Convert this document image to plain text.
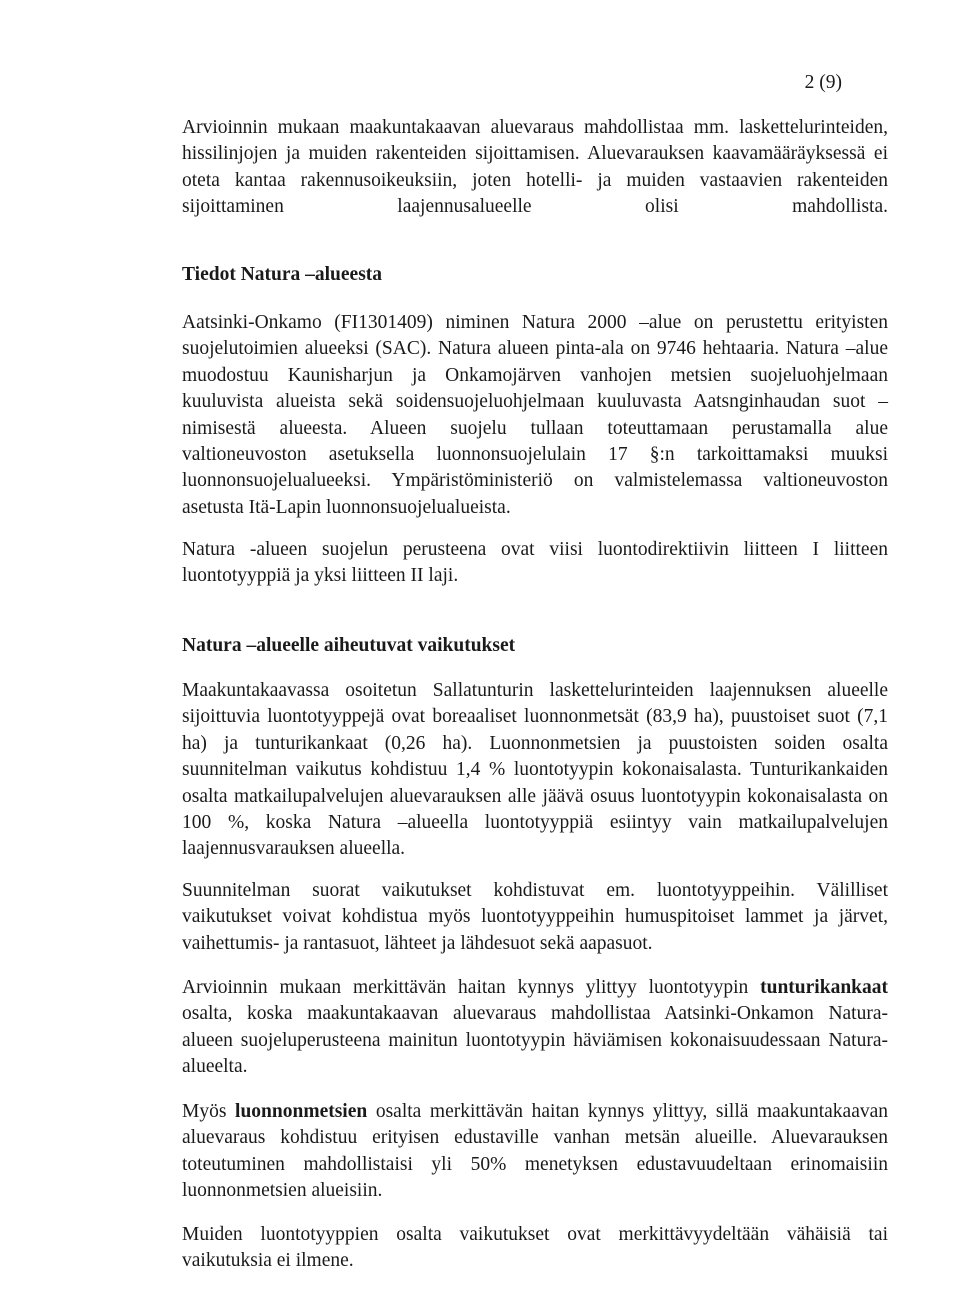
2 (9)
Arvioinnin mukaan maakuntakaavan aluevaraus mahdollistaa mm. laskettelurinteiden,
hissilinjojen ja muiden rakenteiden sijoittamisen. Aluevarauksen kaavamääräyksessä ei
oteta kantaa rakennusoikeuksiin, joten hotelli- ja muiden vastaavien rakenteiden
sijoittaminen laajennusalueelle olisi mahdollista.
Tiedot Natura –alueesta
Aatsinki-Onkamo (FI1301409) niminen Natura 2000 –alue on perustettu erityisten
suojelutoimien alueeksi (SAC). Natura alueen pinta-ala on 9746 hehtaaria. Natura –alue
muodostuu Kaunisharjun ja Onkamojärven vanhojen metsien suojeluohjelmaan
kuuluvista alueista sekä soidensuojeluohjelmaan kuuluvasta Aatsnginhaudan suot –
nimisestä alueesta. Alueen suojelu tullaan toteuttamaan perustamalla alue
valtioneuvoston asetuksella luonnonsuojelulain 17 §:n tarkoittamaksi muuksi
luonnonsuojelualueeksi. Ympäristöministeriö on valmistelemassa valtioneuvoston
asetusta Itä-Lapin luonnonsuojelualueista.
Natura -alueen suojelun perusteena ovat viisi luontodirektiivin liitteen I liitteen
luontotyyppiä ja yksi liitteen II laji.
Natura –alueelle aiheutuvat vaikutukset
Maakuntakaavassa osoitetun Sallatunturin laskettelurinteiden laajennuksen alueelle
sijoittuvia luontotyyppejä ovat boreaaliset luonnonmetsät (83,9 ha), puustoiset suot (7,1
ha) ja tunturikankaat (0,26 ha). Luonnonmetsien ja puustoisten soiden osalta
suunnitelman vaikutus kohdistuu 1,4 % luontotyypin kokonaisalasta. Tunturikankaiden
osalta matkailupalvelujen aluevarauksen alle jäävä osuus luontotyypin kokonaisalasta on
100 %, koska Natura –alueella luontotyyppiä esiintyy vain matkailupalvelujen
laajennusvarauksen alueella.
Suunnitelman suorat vaikutukset kohdistuvat em. luontotyyppeihin. Välilliset
vaikutukset voivat kohdistua myös luontotyyppeihin humuspitoiset lammet ja järvet,
vaihettumis- ja rantasuot, lähteet ja lähdesuot sekä aapasuot.
Arvioinnin mukaan merkittävän haitan kynnys ylittyy luontotyypin tunturikankaat
osalta, koska maakuntakaavan aluevaraus mahdollistaa Aatsinki-Onkamon Natura-
alueen suojeluperusteena mainitun luontotyypin häviämisen kokonaisuudessaan Natura-
alueelta.
Myös luonnonmetsien osalta merkittävän haitan kynnys ylittyy, sillä maakuntakaavan
aluevaraus kohdistuu erityisen edustaville vanhan metsän alueille. Aluevarauksen
toteutuminen mahdollistaisi yli 50% menetyksen edustavuudeltaan erinomaisiin
luonnonmetsien alueisiin.
Muiden luontotyyppien osalta vaikutukset ovat merkittävyydeltään vähäisiä tai
vaikutuksia ei ilmene.
